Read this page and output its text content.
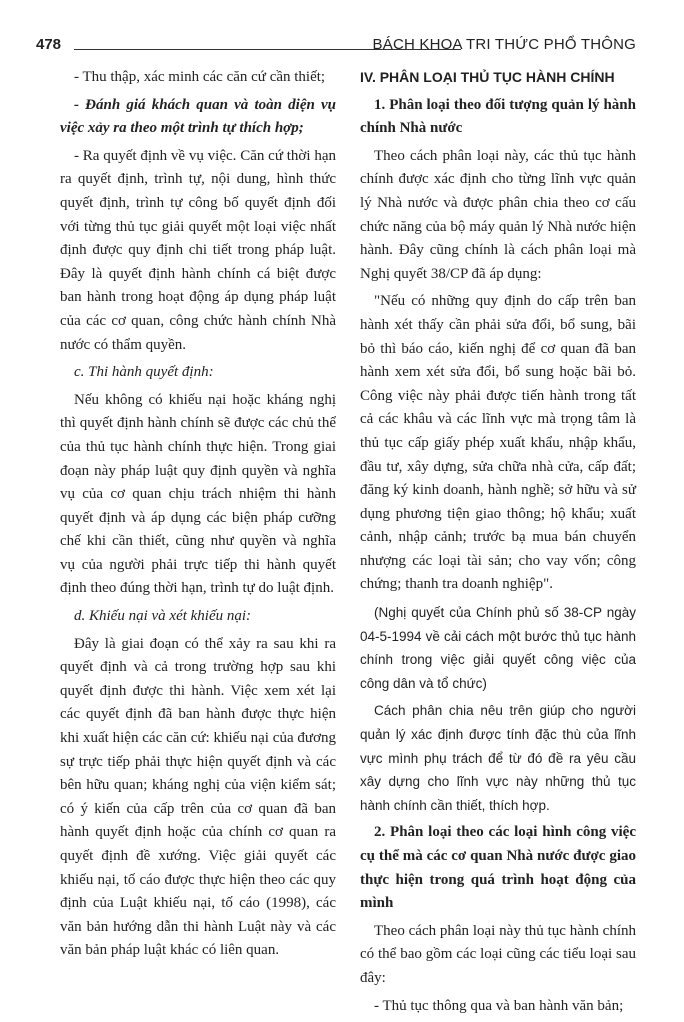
478	BÁCH KHOA TRI THỨC PHỔ THÔNG

- Thu thập, xác minh các căn cứ cần thiết;

- Đánh giá khách quan và toàn diện vụ việc xảy ra theo một trình tự thích hợp;

- Ra quyết định về vụ việc. Căn cứ thời hạn ra quyết định, trình tự, nội dung, hình thức quyết định, trình tự công bố quyết định đối với từng thủ tục giải quyết một loại việc nhất định được quy định chi tiết trong pháp luật. Đây là quyết định hành chính cá biệt được ban hành trong hoạt động áp dụng pháp luật của các cơ quan, công chức hành chính Nhà nước có thẩm quyền.

c. Thi hành quyết định:

Nếu không có khiếu nại hoặc kháng nghị thì quyết định hành chính sẽ được các chủ thể của thủ tục hành chính thực hiện. Trong giai đoạn này pháp luật quy định quyền và nghĩa vụ của cơ quan chịu trách nhiệm thi hành quyết định và áp dụng các biện pháp cưỡng chế khi cần thiết, cũng như quyền và nghĩa vụ của người phải trực tiếp thi hành quyết định theo đúng thời hạn, trình tự do luật định.

d. Khiếu nại và xét khiếu nại:

Đây là giai đoạn có thể xảy ra sau khi ra quyết định và cả trong trường hợp sau khi quyết định được thi hành. Việc xem xét lại các quyết định đã ban hành được thực hiện khi xuất hiện các căn cứ: khiếu nại của đương sự trực tiếp phải thực hiện quyết định và các bên hữu quan; kháng nghị của viện kiểm sát; có ý kiến của cấp trên của cơ quan đã ban hành quyết định hoặc của chính cơ quan ra quyết định đề xướng. Việc giải quyết các khiếu nại, tố cáo được thực hiện theo các quy định của Luật khiếu nại, tố cáo (1998), các văn bản hướng dẫn thi hành Luật này và các văn bản pháp luật khác có liên quan.

IV. PHÂN LOẠI THỦ TỤC HÀNH CHÍNH

1. Phân loại theo đối tượng quản lý hành chính Nhà nước

Theo cách phân loại này, các thủ tục hành chính được xác định cho từng lĩnh vực quản lý Nhà nước và được phân chia theo cơ cấu chức năng của bộ máy quản lý Nhà nước hiện hành. Đây cũng chính là cách phân loại mà Nghị quyết 38/CP đã áp dụng:

"Nếu có những quy định do cấp trên ban hành xét thấy cần phải sửa đổi, bổ sung, bãi bỏ thì báo cáo, kiến nghị để cơ quan đã ban hành xem xét sửa đổi, bổ sung hoặc bãi bỏ. Công việc này phải được tiến hành trong tất cả các khâu và các lĩnh vực mà trọng tâm là thủ tục cấp giấy phép xuất khẩu, nhập khẩu, đầu tư, xây dựng, sửa chữa nhà cửa, cấp đất; đăng ký kinh doanh, hành nghề; sở hữu và sử dụng phương tiện giao thông; hộ khẩu; xuất cảnh, nhập cảnh; trước bạ mua bán chuyển nhượng các loại tài sản; cho vay vốn; công chứng; thanh tra doanh nghiệp".

(Nghị quyết của Chính phủ số 38-CP ngày 04-5-1994 về cải cách một bước thủ tục hành chính trong việc giải quyết công việc của công dân và tổ chức)

Cách phân chia nêu trên giúp cho người quản lý xác định được tính đặc thù của lĩnh vực mình phụ trách để từ đó đề ra yêu cầu xây dựng cho lĩnh vực này những thủ tục hành chính cần thiết, thích hợp.

2. Phân loại theo các loại hình công việc cụ thể mà các cơ quan Nhà nước được giao thực hiện trong quá trình hoạt động của mình

Theo cách phân loại này thủ tục hành chính có thể bao gồm các loại cũng các tiểu loại sau đây:

- Thủ tục thông qua và ban hành văn bản;
